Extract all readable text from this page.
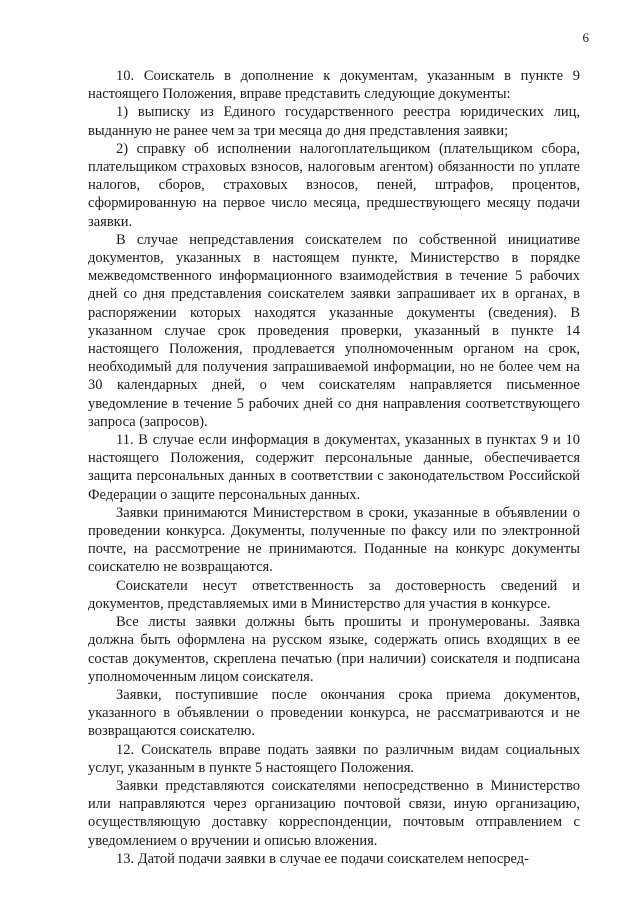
6

10. Соискатель в дополнение к документам, указанным в пункте 9 настоящего Положения, вправе представить следующие документы:

1) выписку из Единого государственного реестра юридических лиц, выданную не ранее чем за три месяца до дня представления заявки;

2) справку об исполнении налогоплательщиком (плательщиком сбора, плательщиком страховых взносов, налоговым агентом) обязанности по уплате налогов, сборов, страховых взносов, пеней, штрафов, процентов, сформированную на первое число месяца, предшествующего месяцу подачи заявки.

В случае непредставления соискателем по собственной инициативе документов, указанных в настоящем пункте, Министерство в порядке межведомственного информационного взаимодействия в течение 5 рабочих дней со дня представления соискателем заявки запрашивает их в органах, в распоряжении которых находятся указанные документы (сведения). В указанном случае срок проведения проверки, указанный в пункте 14 настоящего Положения, продлевается уполномоченным органом на срок, необходимый для получения запрашиваемой информации, но не более чем на 30 календарных дней, о чем соискателям направляется письменное уведомление в течение 5 рабочих дней со дня направления соответствующего запроса (запросов).

11. В случае если информация в документах, указанных в пунктах 9 и 10 настоящего Положения, содержит персональные данные, обеспечивается защита персональных данных в соответствии с законодательством Российской Федерации о защите персональных данных.

Заявки принимаются Министерством в сроки, указанные в объявлении о проведении конкурса. Документы, полученные по факсу или по электронной почте, на рассмотрение не принимаются. Поданные на конкурс документы соискателю не возвращаются.

Соискатели несут ответственность за достоверность сведений и документов, представляемых ими в Министерство для участия в конкурсе.

Все листы заявки должны быть прошиты и пронумерованы. Заявка должна быть оформлена на русском языке, содержать опись входящих в ее состав документов, скреплена печатью (при наличии) соискателя и подписана уполномоченным лицом соискателя.

Заявки, поступившие после окончания срока приема документов, указанного в объявлении о проведении конкурса, не рассматриваются и не возвращаются соискателю.

12. Соискатель вправе подать заявки по различным видам социальных услуг, указанным в пункте 5 настоящего Положения.

Заявки представляются соискателями непосредственно в Министерство или направляются через организацию почтовой связи, иную организацию, осуществляющую доставку корреспонденции, почтовым отправлением с уведомлением о вручении и описью вложения.

13. Датой подачи заявки в случае ее подачи соискателем непосред-
